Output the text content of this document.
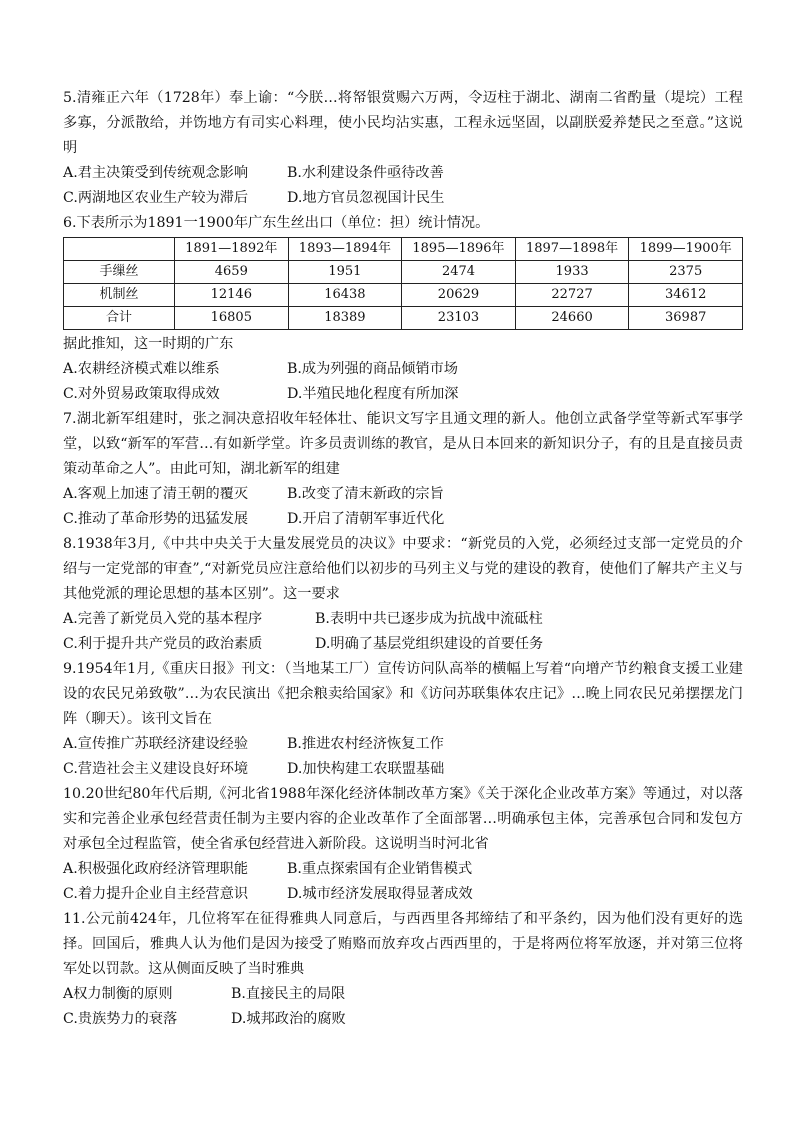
5.清雍正六年（1728年）奉上谕：“今朕…将帑银赏赐六万两，令迈柱于湖北、湖南二省酌量（堤垸）工程多寡，分派散给，并饬地方有司实心料理，使小民均沾实惠，工程永远坚固，以副朕爱养楚民之至意。”这说明

A.君主决策受到传统观念影响	B.水利建设条件亟待改善
C.两湖地区农业生产较为滞后	D.地方官员忽视国计民生

6.下表所示为1891一1900年广东生丝出口（单位：担）统计情况。

	1891—1892年	1893—1894年	1895—1896年	1897—1898年	1899—1900年
手缫丝	4659	1951	2474	1933	2375
机制丝	12146	16438	20629	22727	34612
合计	16805	18389	23103	24660	36987

据此推知，这一时期的广东

A.农耕经济模式难以维系	B.成为列强的商品倾销市场
C.对外贸易政策取得成效	D.半殖民地化程度有所加深

7.湖北新军组建时，张之洞决意招收年轻体壮、能识文写字且通文理的新人。他创立武备学堂等新式军事学堂，以致“新军的军营…有如新学堂。许多员责训练的教官，是从日本回来的新知识分子，有的且是直接员责策动革命之人”。由此可知，湖北新军的组建

A.客观上加速了清王朝的覆灭	B.改变了清末新政的宗旨
C.推动了革命形势的迅猛发展	D.开启了清朝军事近代化

8.1938年3月,《中共中央关于大量发展党员的决议》中要求：“新党员的入党，必须经过支部一定党员的介绍与一定党部的审查”,“对新党员应注意给他们以初步的马列主义与党的建设的教育，使他们了解共产主义与其他党派的理论思想的基本区别”。这一要求

A.完善了新党员入党的基本程序	B.表明中共已逐步成为抗战中流砥柱
C.利于提升共产党员的政治素质	D.明确了基层党组织建设的首要任务

9.1954年1月,《重庆日报》刊文：（当地某工厂）宣传访问队高举的横幅上写着“向增产节约粮食支援工业建设的农民兄弟致敬”…为农民演出《把余粮卖给国家》和《访问苏联集体农庄记》…晚上同农民兄弟摆摆龙门阵（聊天）。该刊文旨在

A.宣传推广苏联经济建设经验	B.推进农村经济恢复工作
C.营造社会主义建设良好环境	D.加快构建工农联盟基础

10.20世纪80年代后期,《河北省1988年深化经济体制改革方案》《关于深化企业改革方案》等通过，对以落实和完善企业承包经营责任制为主要内容的企业改革作了全面部署…明确承包主体，完善承包合同和发包方对承包全过程监管，使全省承包经营进入新阶段。这说明当时河北省

A.积极强化政府经济管理职能	B.重点探索国有企业销售模式
C.着力提升企业自主经营意识	D.城市经济发展取得显著成效

11.公元前424年，几位将军在征得雅典人同意后，与西西里各邦缔结了和平条约，因为他们没有更好的选择。回国后，雅典人认为他们是因为接受了贿赂而放弃攻占西西里的，于是将两位将军放逐，并对第三位将军处以罚款。这从侧面反映了当时雅典

A权力制衡的原则	B.直接民主的局限
C.贵族势力的衰落	D.城邦政治的腐败
